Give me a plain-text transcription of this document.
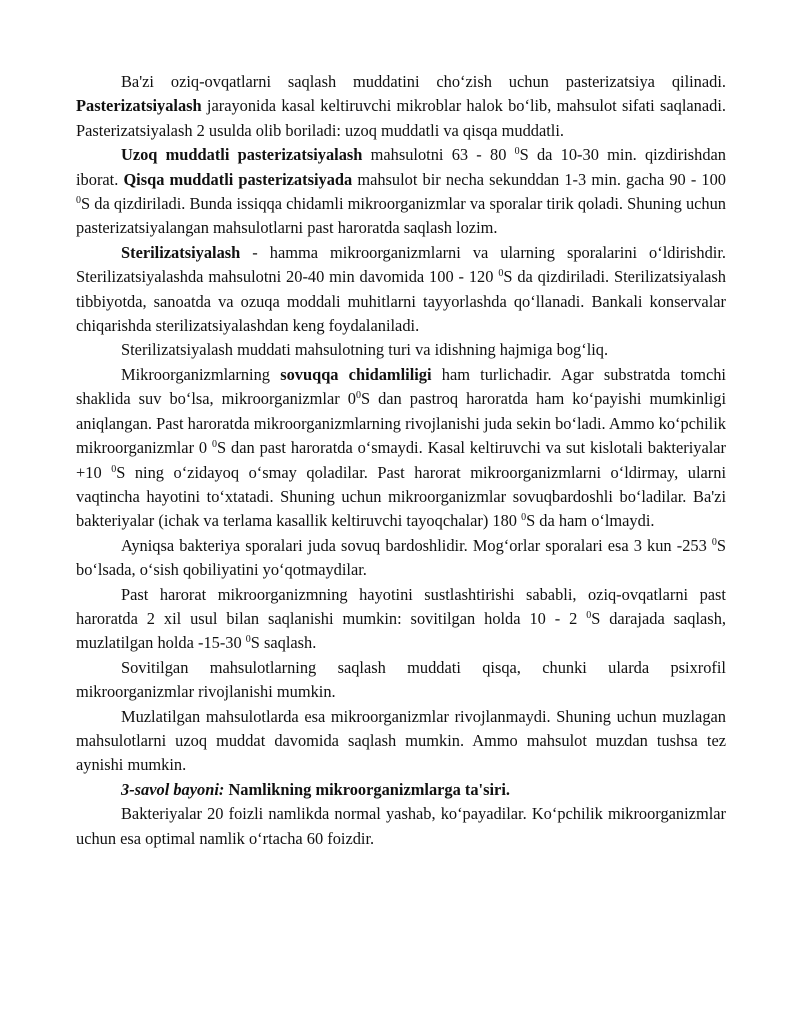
Ba'zi oziq-ovqatlarni saqlash muddatini cho‘zish uchun pasterizatsiya qilinadi. Pasterizatsiyalash jarayonida kasal keltiruvchi mikroblar halok bo‘lib, mahsulot sifati saqlanadi. Pasterizatsiyalash 2 usulda olib boriladi: uzoq muddatli va qisqa muddatli.

Uzoq muddatli pasterizatsiyalash mahsulotni 63 - 80 $^0$S da 10-30 min. qizdirishdan iborat. Qisqa muddatli pasterizatsiyada mahsulot bir necha sekunddan 1-3 min. gacha 90 - 100 $^0$S da qizdiriladi. Bunda issiqqa chidamli mikroorganizmlar va sporalar tirik qoladi. Shuning uchun pasterizatsiyalangan mahsulotlarni past haroratda saqlash lozim.

Sterilizatsiyalash - hamma mikroorganizmlarni va ularning sporalarini o‘ldirishdir. Sterilizatsiyalashda mahsulotni 20-40 min davomida 100 - 120 $^0$S da qizdiriladi. Sterilizatsiyalash tibbiyotda, sanoatda va ozuqa moddali muhitlarni tayyorlashda qo‘llanadi. Bankali konservalar chiqarishda sterilizatsiyalashdan keng foydalaniladi.

Sterilizatsiyalash muddati mahsulotning turi va idishning hajmiga bog‘liq.

Mikroorganizmlarning sovuqqa chidamliligi ham turlichadir. Agar substratda tomchi shaklida suv bo‘lsa, mikroorganizmlar $0^0S$ dan pastroq haroratda ham ko‘payishi mumkinligi aniqlangan. Past haroratda mikroorganizmlarning rivojlanishi juda sekin bo‘ladi. Ammo ko‘pchilik mikroorganizmlar 0 $^0$S dan past haroratda o‘smaydi. Kasal keltiruvchi va sut kislotali bakteriyalar +10 $^0$S ning o‘zidayoq o‘smay qoladilar. Past harorat mikroorganizmlarni o‘ldirmay, ularni vaqtincha hayotini to‘xtatadi. Shuning uchun mikroorganizmlar sovuqbardoshli bo‘ladilar. Ba'zi bakteriyalar (ichak va terlama kasallik keltiruvchi tayoqchalar) 180 $^0$S da ham o‘lmaydi.

Ayniqsa bakteriya sporalari juda sovuq bardoshlidir. Mog‘orlar sporalari esa 3 kun -253 $^0$S bo‘lsada, o‘sish qobiliyatini yo‘qotmaydilar.

Past harorat mikroorganizmning hayotini sustlashtirishi sababli, oziq-ovqatlarni past haroratda 2 xil usul bilan saqlanishi mumkin: sovitilgan holda 10 - 2 $^0$S darajada saqlash, muzlatilgan holda -15-30 $^0$S saqlash.

Sovitilgan mahsulotlarning saqlash muddati qisqa, chunki ularda psixrofil mikroorganizmlar rivojlanishi mumkin.

Muzlatilgan mahsulotlarda esa mikroorganizmlar rivojlanmaydi. Shuning uchun muzlagan mahsulotlarni uzoq muddat davomida saqlash mumkin. Ammo mahsulot muzdan tushsa tez aynishi mumkin.

3-savol bayoni: Namlikning mikroorganizmlarga ta'siri.

Bakteriyalar 20 foizli namlikda normal yashab, ko‘payadilar. Ko‘pchilik mikroorganizmlar uchun esa optimal namlik o‘rtacha 60 foizdir.
